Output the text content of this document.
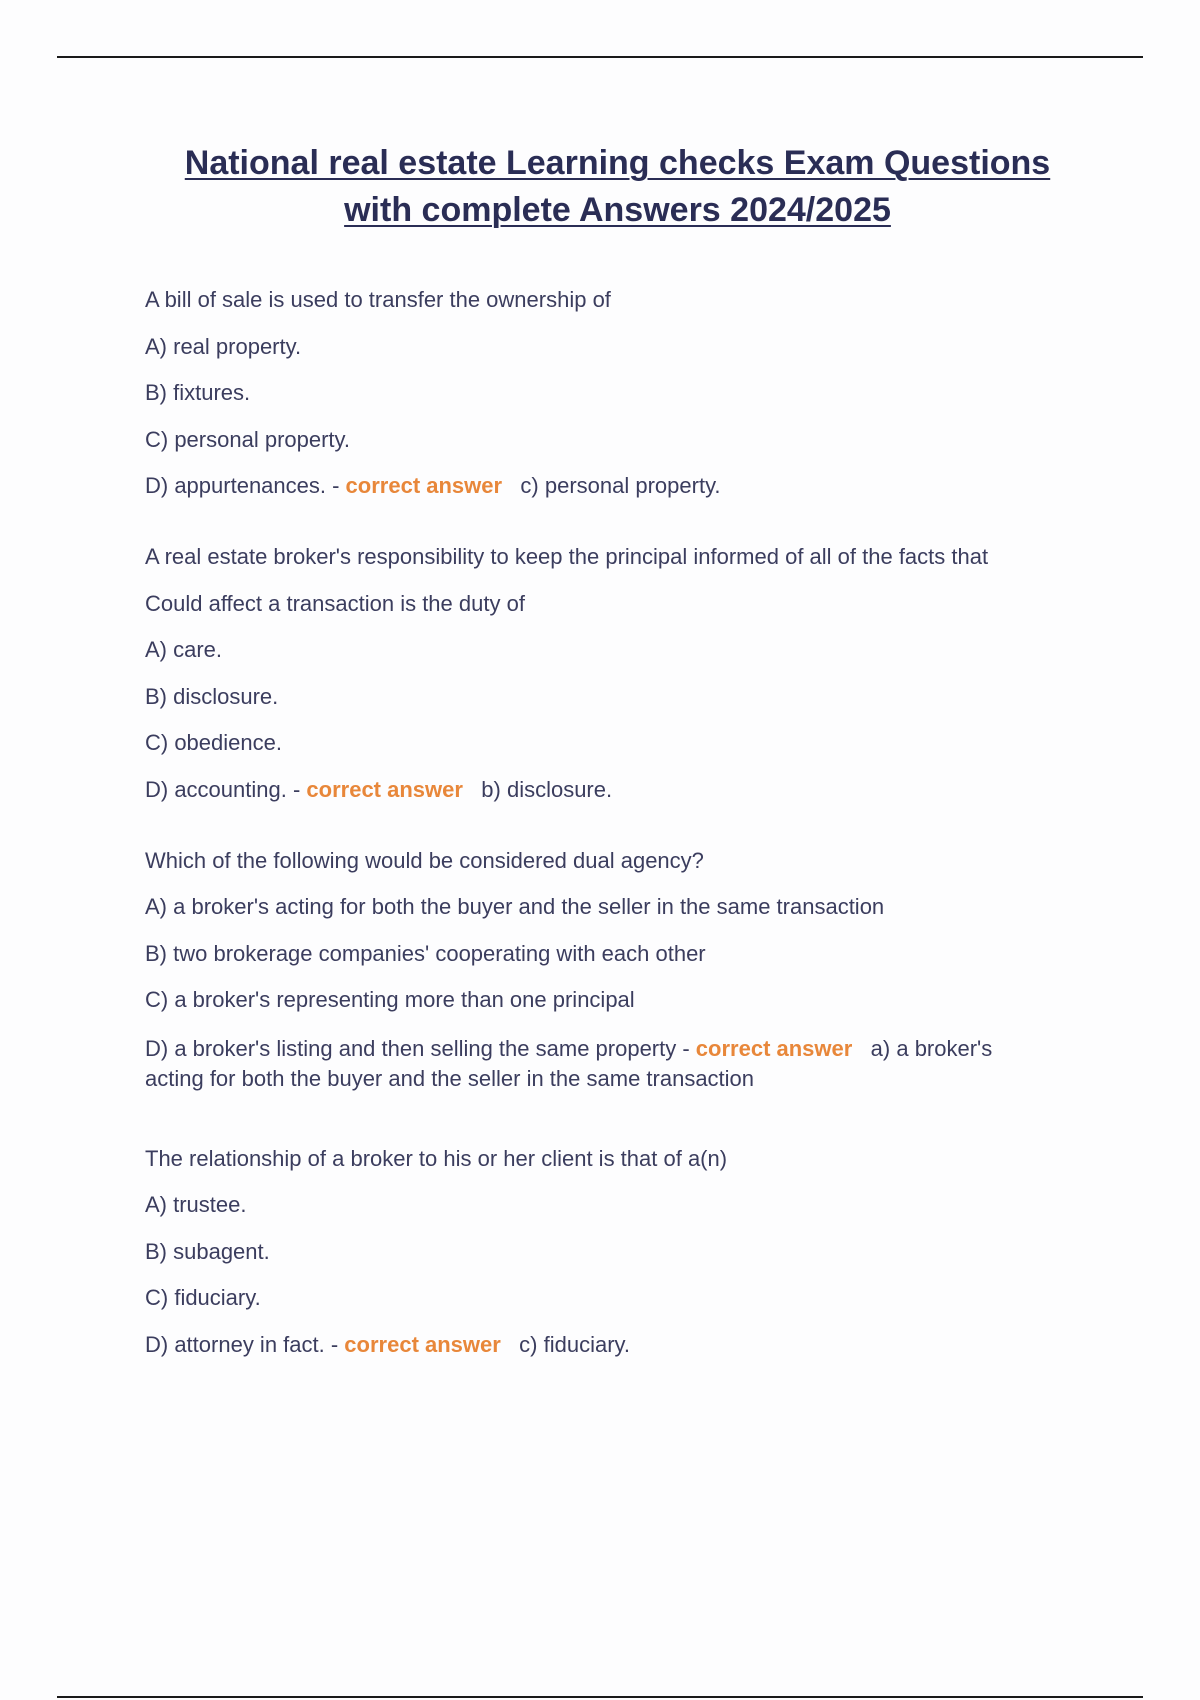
National real estate Learning checks Exam Questions
with complete Answers 2024/2025
A bill of sale is used to transfer the ownership of
A) real property.
B) fixtures.
C) personal property.
D) appurtenances. - correct answer c) personal property.
A real estate broker's responsibility to keep the principal informed of all of the facts that
Could affect a transaction is the duty of
A) care.
B) disclosure.
C) obedience.
D) accounting. - correct answer b) disclosure.
Which of the following would be considered dual agency?
A) a broker's acting for both the buyer and the seller in the same transaction
B) two brokerage companies' cooperating with each other
C) a broker's representing more than one principal
D) a broker's listing and then selling the same property - correct answer a) a broker's
acting for both the buyer and the seller in the same transaction
The relationship of a broker to his or her client is that of a(n)
A) trustee.
B) subagent.
C) fiduciary.
D) attorney in fact. - correct answer c) fiduciary.
